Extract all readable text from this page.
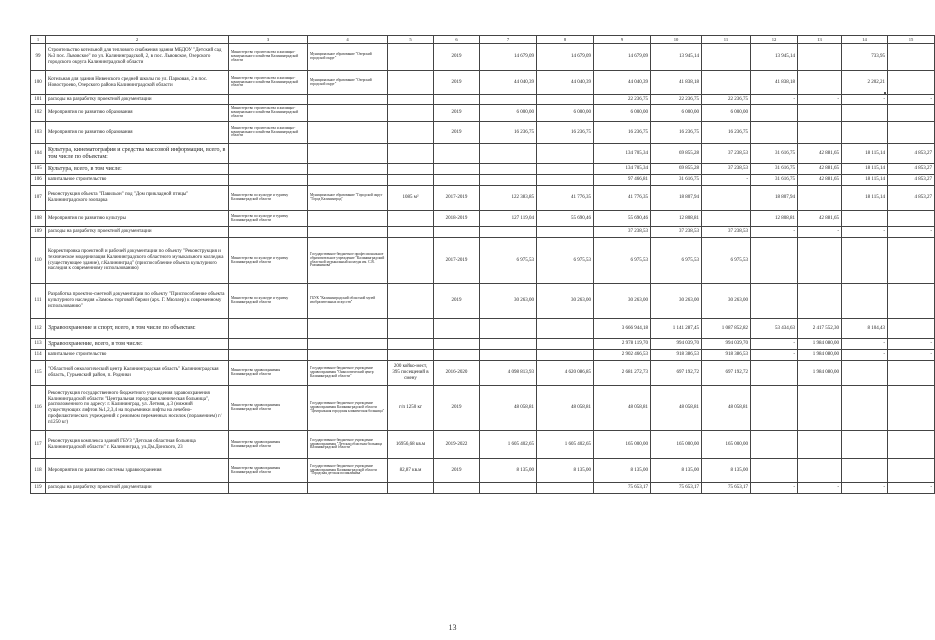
1	2	3	4	5	6	7	8	9	10	11	12	13	14	15
99	Строительство котельной для теплового снабжения здания МБДОУ "Детский сад №3 пос. Львовское" по ул. Калининградской, 2, в пос. Львовское, Озерского городского округа Калининградской области	Министерство строительства и жилищно-коммунального хозяйства Калининградской области	Муниципальное образование "Озерский городской округ"		2019	14 679,09	14 679,09	14 679,09	13 945,14		13 945,14		733,95	
100	Котельная для здания Нивенского средней школы по ул. Парковая, 2 в пос. Новостроево, Озерского района Калининградской области	Министерство строительства и жилищно-коммунального хозяйства Калининградской области	Муниципальное образование "Озерский городской округ"		2019	44 040,39	44 040,39	44 040,39	41 838,18		41 838,18		2 202,21	
101	расходы на разработку проектной документации							22 236,75	22 236,75	22 236,75	-	-	-	-
102	Мероприятия по развитию образования	Министерство строительства и жилищно-коммунального хозяйства Калининградской области			2019	6 000,00	6 000,00	6 000,00	6 000,00	6 000,00				
103	Мероприятия по развитию образования	Министерство строительства и жилищно-коммунального хозяйства Калининградской области			2019	16 236,75	16 236,75	16 236,75	16 236,75	16 236,75				
104	Культура, кинематография и средства массовой информации, всего, в том числе по объектам:							134 705,34	69 855,28	37 238,53	31 616,75	42 881,65	18 115,14	4 853,27
105	Культура, всего, в том числе:							134 705,34	69 855,28	37 238,53	31 616,75	42 881,65	18 115,14	4 853,27
106	капитальное строительство							97 466,81	31 616,75	-	31 616,75	42 881,65	18 115,14	4 853,27
107	Реконструкция объекта "Павильон" под "Дом прикладной птицы" Калининградского зоопарка	Министерство по культуре и туризму Калининградской области	Муниципальное образование "Городской округ "Город Калининград"	1085 м²	2017-2019	122 383,85	41 776,35	41 776,35	18 807,94		18 807,94		18 115,14	4 853,27
108	Мероприятия по развитию культуры	Министерство по культуре и туризму Калининградской области			2018-2019	127 119,04	55 690,46	55 690,46	12 808,81		12 808,81	42 881,65		
109	расходы на разработку проектной документации							37 238,53	37 238,53	37 238,53	-	-	-	-
110	Корректировка проектной и рабочей документации по объекту "Реконструкция и техническое модернизация Калининградского областного музыкального колледжа (существующее здание), г.Калининград" (приспособление объекта культурного наследия к современному использованию)	Министерство по культуре и туризму Калининградской области	Государственное бюджетное профессиональное образовательное учреждение "Калининградский областной музыкальный колледж им. С.В. Рахманинова"		2017-2019	6 975,53	6 975,53	6 975,53	6 975,53	6 975,53				
111	Разработка проектно-сметной документации по объекту "Приспособление объекта культурного наследия «Замок» торговой биржи (арх. Г. Мюллер) к современному использованию"	Министерство по культуре и туризму Калининградской области	ГБУК "Калининградский областной музей изобразительных искусств"		2019	30 263,00	30 263,00	30 263,00	30 263,00	30 263,00				
112	Здравоохранение и спорт, всего, в том числе по объектам:							3 666 944,18	1 141 287,45	1 087 852,82	53 434,63	2 417 552,30	8 104,43	
113	Здравоохранение, всего, в том числе:							2 978 119,70	994 039,70	994 039,70	-	1 984 080,00	-	-
114	капитальное строительство							2 902 466,53	918 386,53	918 386,53	-	1 984 080,00	-	-
115	"Областной онкологический центр Калининградская область" Калининградская область, Гурьевский район, п. Родники	Министерство здравоохранения Калининградской области	Государственное бюджетное учреждение здравоохранения "Онкологический центр Калининградской области"	200 койко-мест, 395 посещений в смену	2016-2020	4 098 813,93	4 620 086,85	2 681 272,73	697 192,72	697 192,72		1 984 080,00		
116	Реконструкция государственного бюджетного учреждения здравоохранения Калининградской области "Центральная городская клиническая больница", расположенного по адресу: г. Калининград, ул. Летняя, д.3 (нижний существующих лифтов №1,2,3,4 на подъемники лифты на лечебно-профилактических учреждений с режимом переменных ноcилок (поражением) г/п1250 кг)	Министерство здравоохранения Калининградской области	Государственное бюджетное учреждение здравоохранения Калининградской области "Центральная городская клиническая больница"	г/п 1250 кг	2019	48 058,81	48 058,81	48 058,81	48 058,81	48 058,81				
117	Реконструкция комплекса зданий ГБУЗ "Детская областная больница Калининградской области" г. Калининград, ул.Дм.Донского, 23	Министерство здравоохранения Калининградской области	Государственное бюджетное учреждение здравоохранения "Детская областная больница Калининградской области"	16956,68 кв.м	2019-2022	1 605 402,65	1 605 402,65	165 000,00	165 000,00	165 000,00				
118	Мероприятия по развитию системы здравоохранения	Министерство здравоохранения Калининградской области	Государственное бюджетное учреждение здравоохранения Калининградской области "Городская детская поликлиника"	82,87 кв.м	2019	8 135,00	8 135,00	8 135,00	8 135,00	8 135,00				
119	расходы на разработку проектной документации							75 653,17	75 653,17	75 653,17	-	-	-	-
13
